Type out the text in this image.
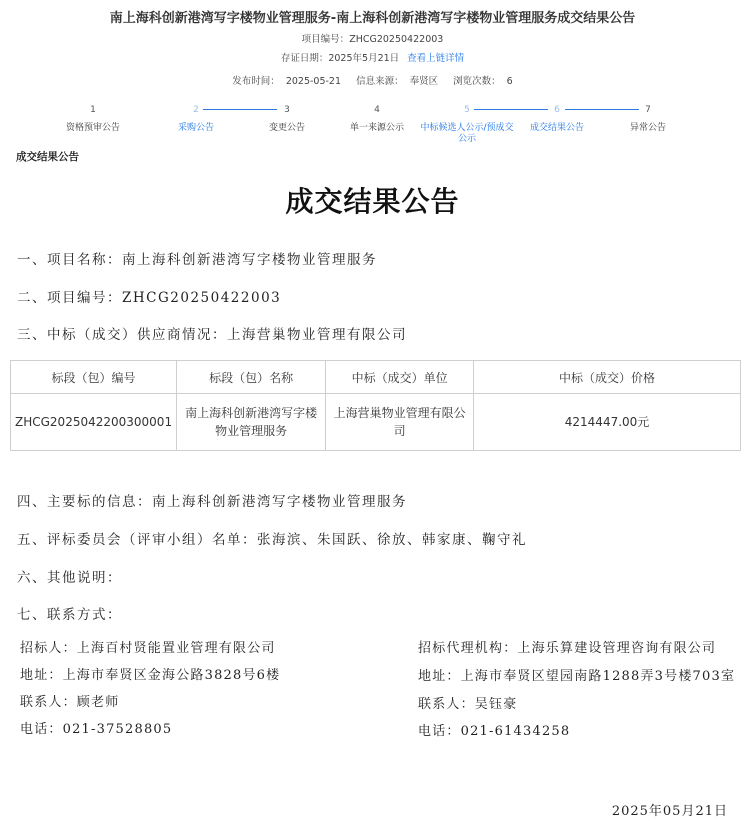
南上海科创新港湾写字楼物业管理服务-南上海科创新港湾写字楼物业管理服务成交结果公告
项目编号：ZHCG20250422003
存证日期：2025年5月21日 查看上链详情
发布时间： 2025-05-21 信息来源： 奉贤区 浏览次数： 6
1
资格预审公告
2
采购公告
3
变更公告
4
单一来源公示
5
中标候选人公示/预成交公示
6
成交结果公告
7
异常公告
成交结果公告
成交结果公告
一、项目名称：南上海科创新港湾写字楼物业管理服务
二、项目编号：ZHCG20250422003
三、中标（成交）供应商情况：上海营巢物业管理有限公司
标段（包）编号	标段（包）名称	中标（成交）单位	中标（成交）价格
ZHCG2025042200300001	南上海科创新港湾写字楼物业管理服务	上海营巢物业管理有限公司	4214447.00元
四、主要标的信息：南上海科创新港湾写字楼物业管理服务
五、评标委员会（评审小组）名单：张海滨、朱国跃、徐放、韩家康、鞠守礼
六、其他说明：
七、联系方式：
招标人：上海百村贤能置业管理有限公司
地址：上海市奉贤区金海公路3828号6楼
联系人：顾老师
电话：021-37528805
招标代理机构：上海乐算建设管理咨询有限公司
地址：上海市奉贤区望园南路1288弄3号楼703室
联系人：吴钰豪
电话：021-61434258
2025年05月21日
